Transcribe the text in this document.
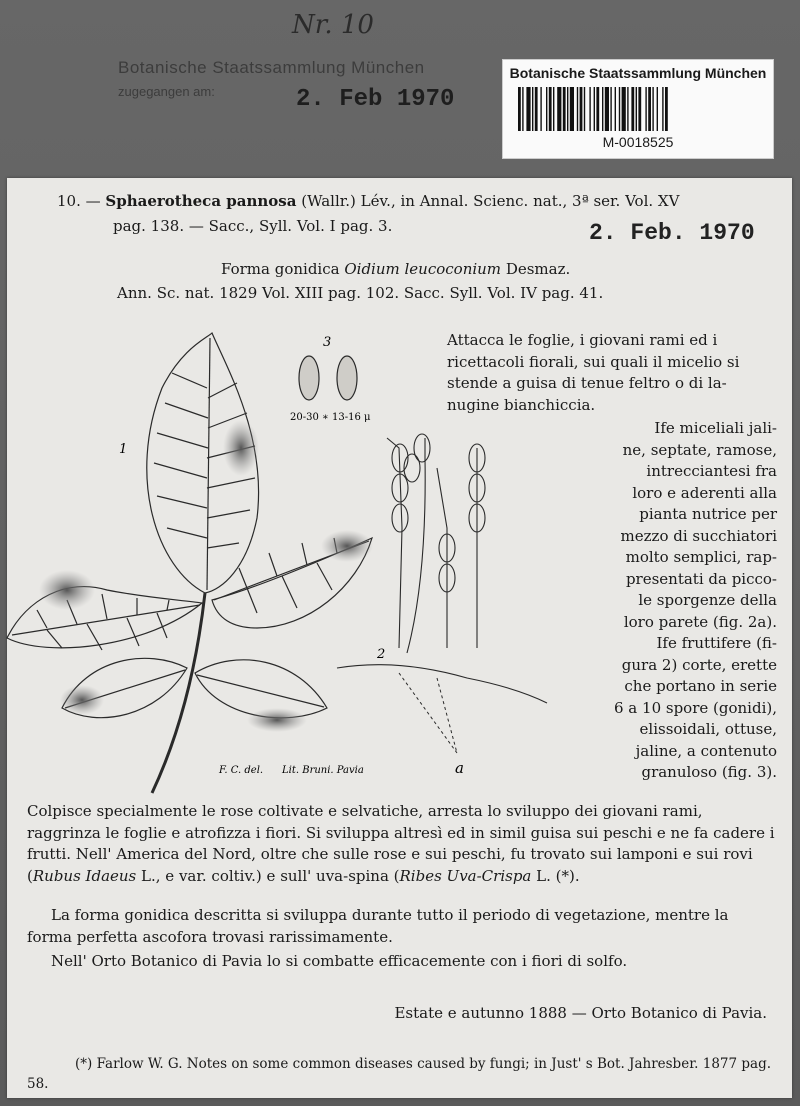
Nr. 10
Botanische Staatssammlung München
zugegangen am:	2. Feb 1970
Botanische Staatssammlung München
M-0018525
10. — Sphaerotheca pannosa (Wallr.) Lév., in Annal. Scienc. nat., 3ª ser. Vol. XV
pag. 138. — Sacc., Syll. Vol. I pag. 3.	2. Feb. 1970
Forma gonidica Oidium leucoconium Desmaz.
Ann. Sc. nat. 1829 Vol. XIII pag. 102. Sacc. Syll. Vol. IV pag. 41.
1
2
3
a
20-30 ∗ 13-16 μ
F. C. del. Lit. Bruni. Pavia
Attacca le foglie, i giovani rami ed i
ricettacoli fiorali, sui quali il micelio si
stende a guisa di tenue feltro o di la-
nugine bianchiccia.
Ife miceliali jali-
ne, septate, ramose,
intrecciantesi fra
loro e aderenti alla
pianta nutrice per
mezzo di succhiatori
molto semplici, rap-
presentati da picco-
le sporgenze della
loro parete (fig. 2a).
Ife fruttifere (fi-
gura 2) corte, erette
che portano in serie
6 a 10 spore (gonidi),
elissoidali, ottuse,
jaline, a contenuto
granuloso (fig. 3).
Colpisce specialmente le rose coltivate e selvatiche, arresta lo sviluppo dei giovani rami, raggrinza le foglie e atrofizza i fiori. Si sviluppa altresì ed in simil guisa sui peschi e ne fa cadere i frutti. Nell' America del Nord, oltre che sulle rose e sui peschi, fu trovato sui lamponi e sui rovi (Rubus Idaeus L., e var. coltiv.) e sull' uva-spina (Ribes Uva-Crispa L. (*).
La forma gonidica descritta si sviluppa durante tutto il periodo di vegetazione, mentre la forma perfetta ascofora trovasi rarissimamente.
Nell' Orto Botanico di Pavia lo si combatte efficacemente con i fiori di solfo.
Estate e autunno 1888 — Orto Botanico di Pavia.
(*) Farlow W. G. Notes on some common diseases caused by fungi; in Just' s Bot. Jahresber. 1877 pag. 58.
